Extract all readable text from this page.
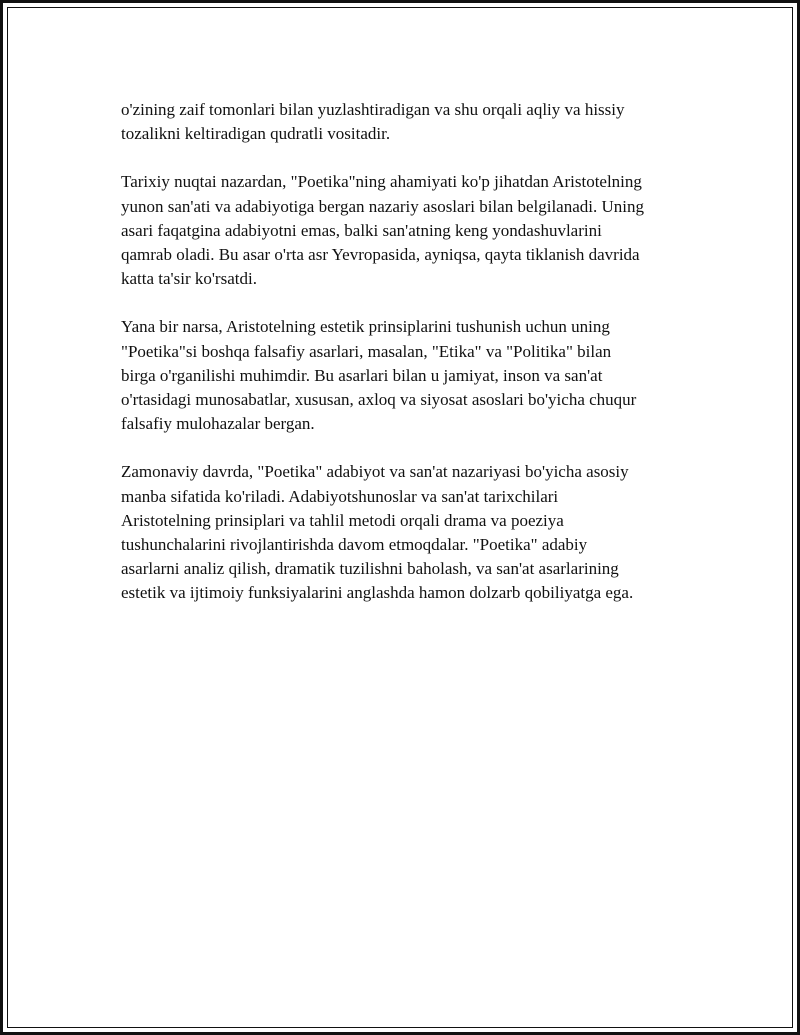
o'zining zaif tomonlari bilan yuzlashtiradigan va shu orqali aqliy va hissiy
tozalikni keltiradigan qudratli vositadir.

Tarixiy nuqtai nazardan, "Poetika"ning ahamiyati ko'p jihatdan Aristotelning
yunon san'ati va adabiyotiga bergan nazariy asoslari bilan belgilanadi. Uning
asari faqatgina adabiyotni emas, balki san'atning keng yondashuvlarini
qamrab oladi. Bu asar o'rta asr Yevropasida, ayniqsa, qayta tiklanish davrida
katta ta'sir ko'rsatdi.

Yana bir narsa, Aristotelning estetik prinsiplarini tushunish uchun uning
"Poetika"si boshqa falsafiy asarlari, masalan, "Etika" va "Politika" bilan
birga o'rganilishi muhimdir. Bu asarlari bilan u jamiyat, inson va san'at
o'rtasidagi munosabatlar, xususan, axloq va siyosat asoslari bo'yicha chuqur
falsafiy mulohazalar bergan.

Zamonaviy davrda, "Poetika" adabiyot va san'at nazariyasi bo'yicha asosiy
manba sifatida ko'riladi. Adabiyotshunoslar va san'at tarixchilari
Aristotelning prinsiplari va tahlil metodi orqali drama va poeziya
tushunchalarini rivojlantirishda davom etmoqdalar. "Poetika" adabiy
asarlarni analiz qilish, dramatik tuzilishni baholash, va san'at asarlarining
estetik va ijtimoiy funksiyalarini anglashda hamon dolzarb qobiliyatga ega.
